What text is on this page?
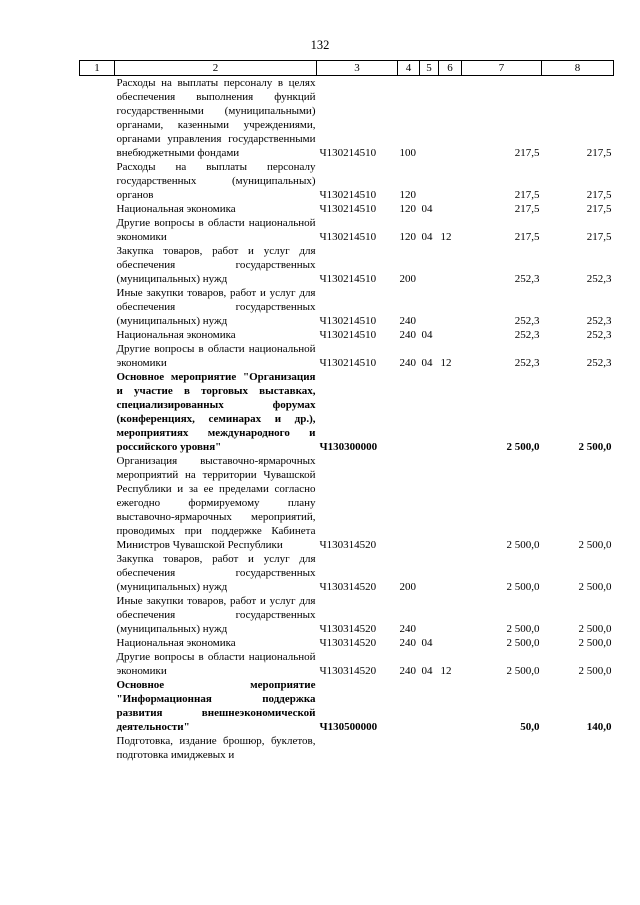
132
1	2	3	4	5	6	7	8
	Расходы на выплаты персоналу в целях обеспечения выполнения функций государственными (муниципальными) органами, казенными учреждениями, органами управления государственными внебюджетными фондами	Ч130214510	100			217,5	217,5
	Расходы на выплаты персоналу государственных (муниципальных) органов	Ч130214510	120			217,5	217,5
	Национальная экономика	Ч130214510	120	04		217,5	217,5
	Другие вопросы в области национальной экономики	Ч130214510	120	04	12	217,5	217,5
	Закупка товаров, работ и услуг для обеспечения государственных (муниципальных) нужд	Ч130214510	200			252,3	252,3
	Иные закупки товаров, работ и услуг для обеспечения государственных (муниципальных) нужд	Ч130214510	240			252,3	252,3
	Национальная экономика	Ч130214510	240	04		252,3	252,3
	Другие вопросы в области национальной экономики	Ч130214510	240	04	12	252,3	252,3
	Основное мероприятие "Организация и участие в торговых выставках, специализированных форумах (конференциях, семинарах и др.), мероприятиях международного и российского уровня"	Ч130300000				2 500,0	2 500,0
	Организация выставочно-ярмарочных мероприятий на территории Чувашской Республики и за ее пределами согласно ежегодно формируемому плану выставочно-ярмарочных мероприятий, проводимых при поддержке Кабинета Министров Чувашской Республики	Ч130314520				2 500,0	2 500,0
	Закупка товаров, работ и услуг для обеспечения государственных (муниципальных) нужд	Ч130314520	200			2 500,0	2 500,0
	Иные закупки товаров, работ и услуг для обеспечения государственных (муниципальных) нужд	Ч130314520	240			2 500,0	2 500,0
	Национальная экономика	Ч130314520	240	04		2 500,0	2 500,0
	Другие вопросы в области национальной экономики	Ч130314520	240	04	12	2 500,0	2 500,0
	Основное мероприятие "Информационная поддержка развития внешнеэкономической деятельности"	Ч130500000				50,0	140,0
	Подготовка, издание брошюр, буклетов, подготовка имиджевых и						
